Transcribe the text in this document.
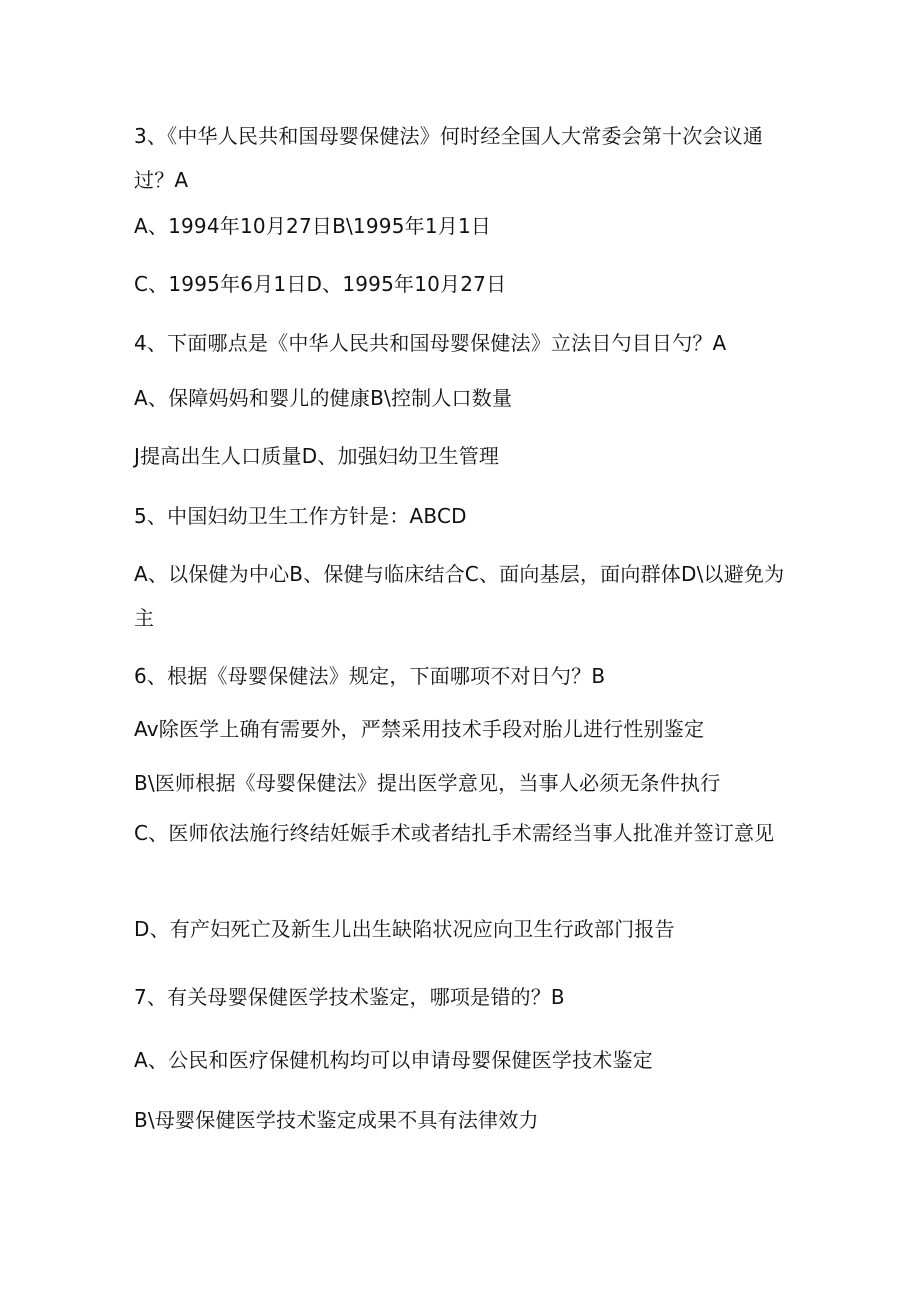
3、《中华人民共和国母婴保健法》何时经全国人大常委会第十次会议通过？A
A、1994年10月27日B\1995年1月1日
C、1995年6月1日D、1995年10月27日
4、下面哪点是《中华人民共和国母婴保健法》立法日勺目日勺？A
A、保障妈妈和婴儿的健康B\控制人口数量
J提高出生人口质量D、加强妇幼卫生管理
5、中国妇幼卫生工作方针是：ABCD
A、以保健为中心B、保健与临床结合C、面向基层，面向群体D\以避免为主
6、根据《母婴保健法》规定，下面哪项不对日勺？B
Av除医学上确有需要外，严禁采用技术手段对胎儿进行性别鉴定
B\医师根据《母婴保健法》提出医学意见，当事人必须无条件执行
C、医师依法施行终结妊娠手术或者结扎手术需经当事人批准并签订意见
D、有产妇死亡及新生儿出生缺陷状况应向卫生行政部门报告
7、有关母婴保健医学技术鉴定，哪项是错的？B
A、公民和医疗保健机构均可以申请母婴保健医学技术鉴定
B\母婴保健医学技术鉴定成果不具有法律效力
